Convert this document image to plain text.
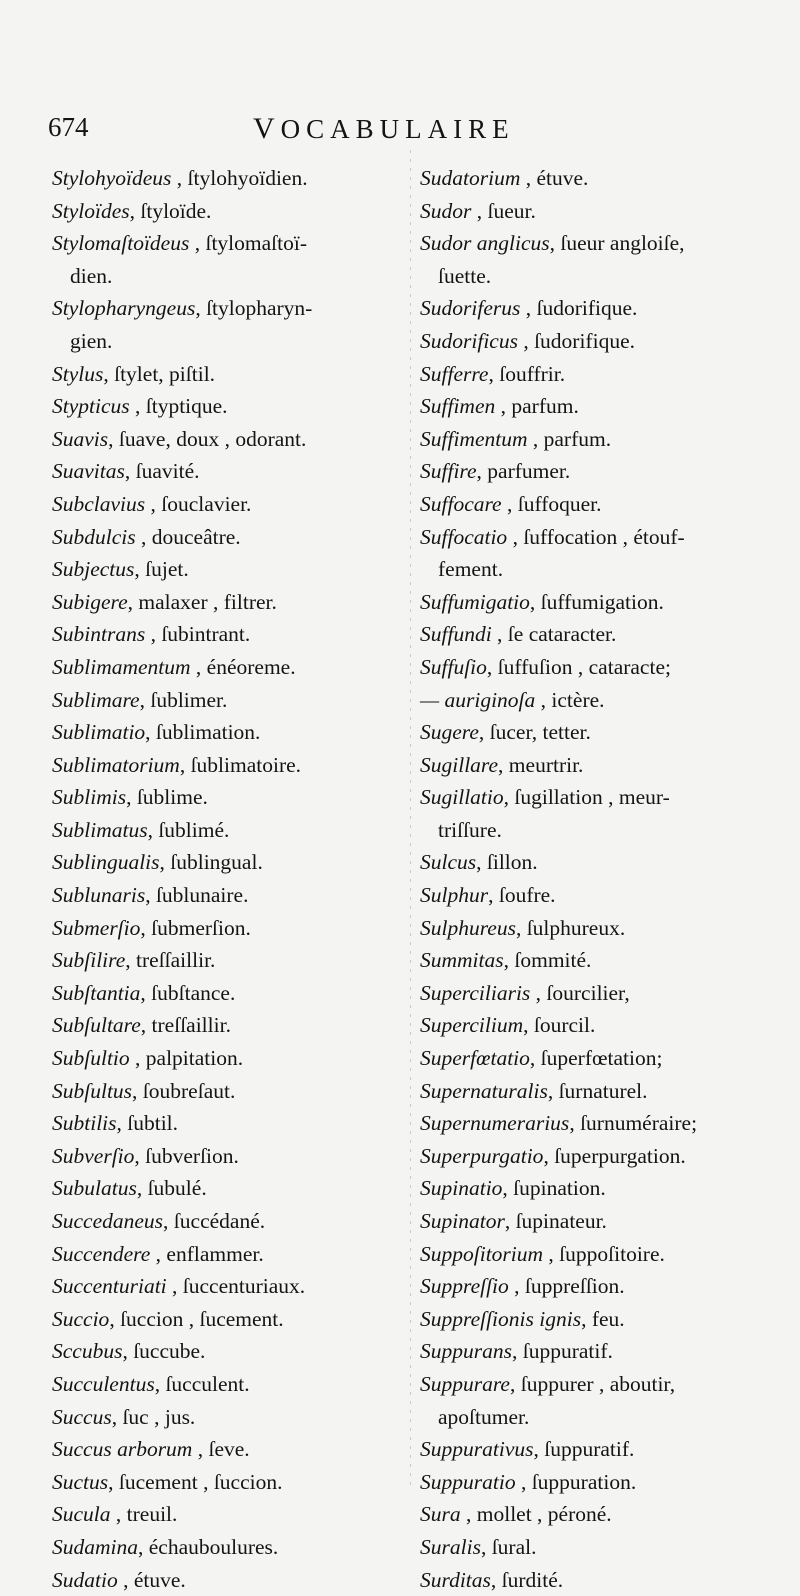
674	VOCABULAIRE
Stylohyoïdeus , ſtylohyoïdien.
Styloïdes, ſtyloïde.
Stylomaſtoïdeus , ſtylomaſtoï-
dien.
Stylopharyngeus, ſtylopharyn-
gien.
Stylus, ſtylet, piſtil.
Stypticus , ſtyptique.
Suavis, ſuave, doux , odorant.
Suavitas, ſuavité.
Subclavius , ſouclavier.
Subdulcis , douceâtre.
Subjectus, ſujet.
Subigere, malaxer , filtrer.
Subintrans , ſubintrant.
Sublimamentum , énéoreme.
Sublimare, ſublimer.
Sublimatio, ſublimation.
Sublimatorium, ſublimatoire.
Sublimis, ſublime.
Sublimatus, ſublimé.
Sublingualis, ſublingual.
Sublunaris, ſublunaire.
Submerſio, ſubmerſion.
Subſilire, treſſaillir.
Subſtantia, ſubſtance.
Subſultare, treſſaillir.
Subſultio , palpitation.
Subſultus, ſoubreſaut.
Subtilis, ſubtil.
Subverſio, ſubverſion.
Subulatus, ſubulé.
Succedaneus, ſuccédané.
Succendere , enflammer.
Succenturiati , ſuccenturiaux.
Succio, ſuccion , ſucement.
Sccubus, ſuccube.
Succulentus, ſucculent.
Succus, ſuc , jus.
Succus arborum , ſeve.
Suctus, ſucement , ſuccion.
Sucula , treuil.
Sudamina, échauboulures.
Sudatio , étuve.
Sudatorium , étuve.
Sudor , ſueur.
Sudor anglicus, ſueur angloiſe,
ſuette.
Sudoriferus , ſudorifique.
Sudorificus , ſudorifique.
Sufferre, ſouffrir.
Suffimen , parfum.
Suffimentum , parfum.
Suffire, parfumer.
Suffocare , ſuffoquer.
Suffocatio , ſuffocation , étouf-
fement.
Suffumigatio, ſuffumigation.
Suffundi , ſe cataracter.
Suffuſio, ſuffuſion , cataracte;
— auriginoſa , ictère.
Sugere, ſucer, tetter.
Sugillare, meurtrir.
Sugillatio, ſugillation , meur-
triſſure.
Sulcus, ſillon.
Sulphur, ſoufre.
Sulphureus, ſulphureux.
Summitas, ſommité.
Superciliaris , ſourcilier,
Supercilium, ſourcil.
Superfœtatio, ſuperfœtation;
Supernaturalis, ſurnaturel.
Supernumerarius, ſurnuméraire;
Superpurgatio, ſuperpurgation.
Supinatio, ſupination.
Supinator, ſupinateur.
Suppoſitorium , ſuppoſitoire.
Suppreſſio , ſuppreſſion.
Suppreſſionis ignis, feu.
Suppurans, ſuppuratif.
Suppurare, ſuppurer , aboutir,
apoſtumer.
Suppurativus, ſuppuratif.
Suppuratio , ſuppuration.
Sura , mollet , péroné.
Suralis, ſural.
Surditas, ſurdité.
